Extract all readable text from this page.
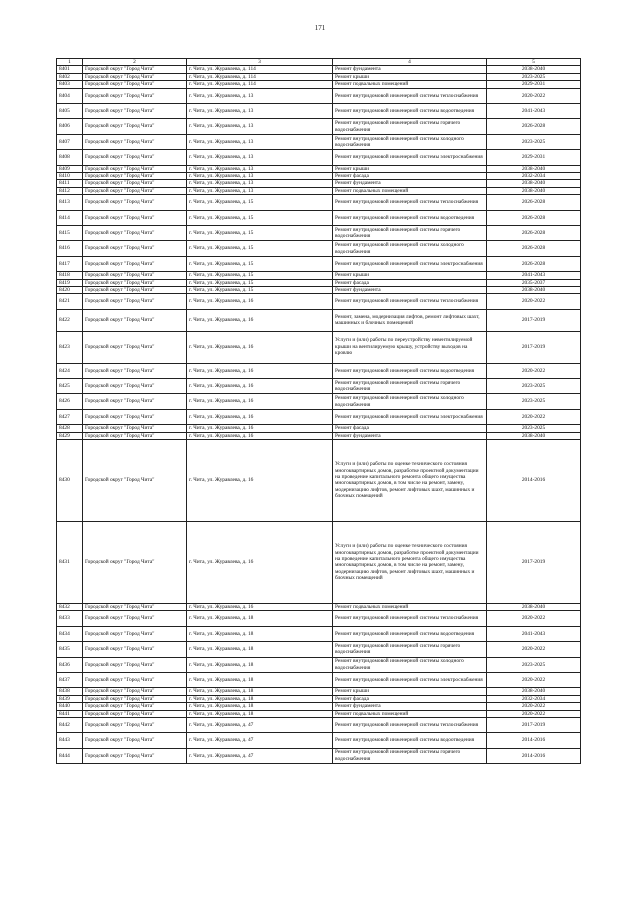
171
1	2	3	4	5
8401	Городской округ "Город Чита"	г. Чита, ул. Журавлева, д. 114	Ремонт фундамента	2038-2040
8402	Городской округ "Город Чита"	г. Чита, ул. Журавлева, д. 114	Ремонт крыши	2023-2025
8403	Городской округ "Город Чита"	г. Чита, ул. Журавлева, д. 114	Ремонт подвальных помещений	2029-2031
8404	Городской округ "Город Чита"	г. Чита, ул. Журавлева, д. 13	Ремонт внутридомовой инженерной системы теплоснабжения	2020-2022
8405	Городской округ "Город Чита"	г. Чита, ул. Журавлева, д. 13	Ремонт внутридомовой инженерной системы водоотведения	2041-2043
8406	Городской округ "Город Чита"	г. Чита, ул. Журавлева, д. 13	Ремонт внутридомовой инженерной системы горячего водоснабжения	2026-2028
8407	Городской округ "Город Чита"	г. Чита, ул. Журавлева, д. 13	Ремонт внутридомовой инженерной системы холодного водоснабжения	2023-2025
8408	Городской округ "Город Чита"	г. Чита, ул. Журавлева, д. 13	Ремонт внутридомовой инженерной системы электроснабжения	2029-2031
8409	Городской округ "Город Чита"	г. Чита, ул. Журавлева, д. 13	Ремонт крыши	2038-2040
8410	Городской округ "Город Чита"	г. Чита, ул. Журавлева, д. 13	Ремонт фасада	2032-2034
8411	Городской округ "Город Чита"	г. Чита, ул. Журавлева, д. 13	Ремонт фундамента	2038-2040
8412	Городской округ "Город Чита"	г. Чита, ул. Журавлева, д. 13	Ремонт подвальных помещений	2038-2040
8413	Городской округ "Город Чита"	г. Чита, ул. Журавлева, д. 15	Ремонт внутридомовой инженерной системы теплоснабжения	2026-2028
8414	Городской округ "Город Чита"	г. Чита, ул. Журавлева, д. 15	Ремонт внутридомовой инженерной системы водоотведения	2026-2028
8415	Городской округ "Город Чита"	г. Чита, ул. Журавлева, д. 15	Ремонт внутридомовой инженерной системы горячего водоснабжения	2026-2028
8416	Городской округ "Город Чита"	г. Чита, ул. Журавлева, д. 15	Ремонт внутридомовой инженерной системы холодного водоснабжения	2026-2028
8417	Городской округ "Город Чита"	г. Чита, ул. Журавлева, д. 15	Ремонт внутридомовой инженерной системы электроснабжения	2026-2028
8418	Городской округ "Город Чита"	г. Чита, ул. Журавлева, д. 15	Ремонт крыши	2041-2043
8419	Городской округ "Город Чита"	г. Чита, ул. Журавлева, д. 15	Ремонт фасада	2035-2037
8420	Городской округ "Город Чита"	г. Чита, ул. Журавлева, д. 15	Ремонт фундамента	2038-2040
8421	Городской округ "Город Чита"	г. Чита, ул. Журавлева, д. 16	Ремонт внутридомовой инженерной системы теплоснабжения	2020-2022
8422	Городской округ "Город Чита"	г. Чита, ул. Журавлева, д. 16	Ремонт, замена, модернизация лифтов, ремонт лифтовых шахт, машинных и блочных помещений	2017-2019
8423	Городской округ "Город Чита"	г. Чита, ул. Журавлева, д. 16	Услуги и (или) работы по переустройству невентилируемой крыши на вентилируемую крышу, устройству выходов на кровлю	2017-2019
8424	Городской округ "Город Чита"	г. Чита, ул. Журавлева, д. 16	Ремонт внутридомовой инженерной системы водоотведения	2020-2022
8425	Городской округ "Город Чита"	г. Чита, ул. Журавлева, д. 16	Ремонт внутридомовой инженерной системы горячего водоснабжения	2023-2025
8426	Городской округ "Город Чита"	г. Чита, ул. Журавлева, д. 16	Ремонт внутридомовой инженерной системы холодного водоснабжения	2023-2025
8427	Городской округ "Город Чита"	г. Чита, ул. Журавлева, д. 16	Ремонт внутридомовой инженерной системы электроснабжения	2020-2022
8428	Городской округ "Город Чита"	г. Чита, ул. Журавлева, д. 16	Ремонт фасада	2023-2025
8429	Городской округ "Город Чита"	г. Чита, ул. Журавлева, д. 16	Ремонт фундамента	2038-2040
8430	Городской округ "Город Чита"	г. Чита, ул. Журавлева, д. 16	Услуги и (или) работы по оценке технического состояния многоквартирных домов, разработке проектной документации на проведение капитального ремонта общего имущества многоквартирных домов, в том числе на ремонт, замену, модернизацию лифтов, ремонт лифтовых шахт, машинных и блочных помещений	2014-2016
8431	Городской округ "Город Чита"	г. Чита, ул. Журавлева, д. 16	Услуги и (или) работы по оценке технического состояния многоквартирных домов, разработке проектной документации на проведение капитального ремонта общего имущества многоквартирных домов, в том числе на ремонт, замену, модернизацию лифтов, ремонт лифтовых шахт, машинных и блочных помещений	2017-2019
8432	Городской округ "Город Чита"	г. Чита, ул. Журавлева, д. 16	Ремонт подвальных помещений	2038-2040
8433	Городской округ "Город Чита"	г. Чита, ул. Журавлева, д. 18	Ремонт внутридомовой инженерной системы теплоснабжения	2020-2022
8434	Городской округ "Город Чита"	г. Чита, ул. Журавлева, д. 18	Ремонт внутридомовой инженерной системы водоотведения	2041-2043
8435	Городской округ "Город Чита"	г. Чита, ул. Журавлева, д. 18	Ремонт внутридомовой инженерной системы горячего водоснабжения	2020-2022
8436	Городской округ "Город Чита"	г. Чита, ул. Журавлева, д. 18	Ремонт внутридомовой инженерной системы холодного водоснабжения	2023-2025
8437	Городской округ "Город Чита"	г. Чита, ул. Журавлева, д. 18	Ремонт внутридомовой инженерной системы электроснабжения	2020-2022
8438	Городской округ "Город Чита"	г. Чита, ул. Журавлева, д. 18	Ремонт крыши	2038-2040
8439	Городской округ "Город Чита"	г. Чита, ул. Журавлева, д. 18	Ремонт фасада	2032-2034
8440	Городской округ "Город Чита"	г. Чита, ул. Журавлева, д. 18	Ремонт фундамента	2020-2022
8441	Городской округ "Город Чита"	г. Чита, ул. Журавлева, д. 18	Ремонт подвальных помещений	2020-2022
8442	Городской округ "Город Чита"	г. Чита, ул. Журавлева, д. 47	Ремонт внутридомовой инженерной системы теплоснабжения	2017-2019
8443	Городской округ "Город Чита"	г. Чита, ул. Журавлева, д. 47	Ремонт внутридомовой инженерной системы водоотведения	2014-2016
8444	Городской округ "Город Чита"	г. Чита, ул. Журавлева, д. 47	Ремонт внутридомовой инженерной системы горячего водоснабжения	2014-2016
